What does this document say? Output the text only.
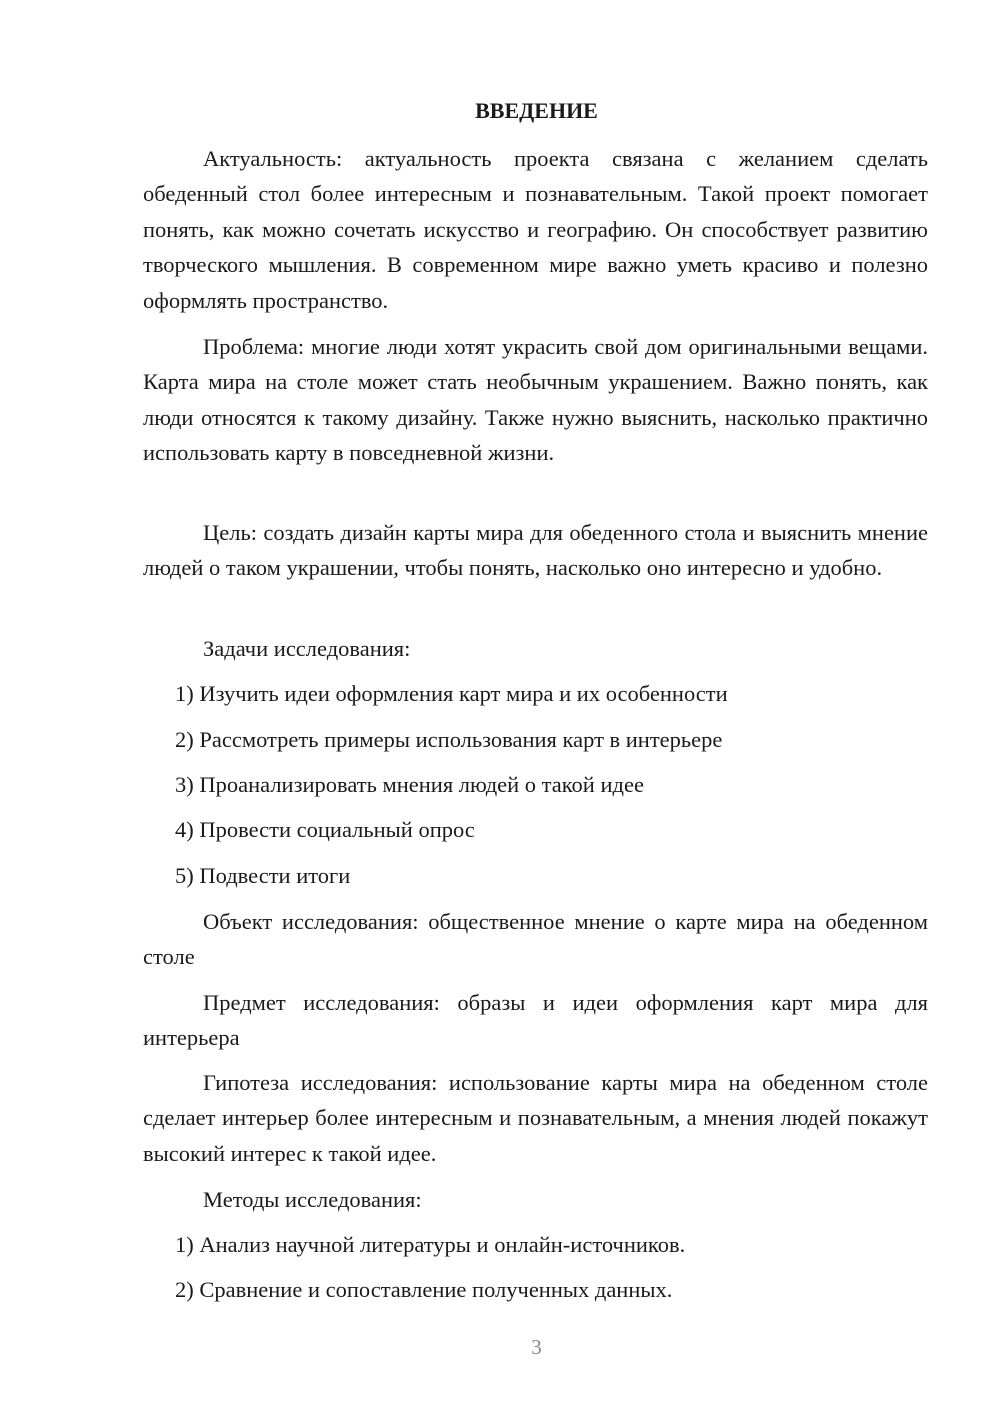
ВВЕДЕНИЕ

Актуальность: актуальность проекта связана с желанием сделать обеденный стол более интересным и познавательным. Такой проект помогает понять, как можно сочетать искусство и географию. Он способствует развитию творческого мышления. В современном мире важно уметь красиво и полезно оформлять пространство.

Проблема: многие люди хотят украсить свой дом оригинальными вещами. Карта мира на столе может стать необычным украшением. Важно понять, как люди относятся к такому дизайну. Также нужно выяснить, насколько практично использовать карту в повседневной жизни.

Цель: создать дизайн карты мира для обеденного стола и выяснить мнение людей о таком украшении, чтобы понять, насколько оно интересно и удобно.

Задачи исследования:

1) Изучить идеи оформления карт мира и их особенности
2) Рассмотреть примеры использования карт в интерьере
3) Проанализировать мнения людей о такой идее
4) Провести социальный опрос
5) Подвести итоги

Объект исследования: общественное мнение о карте мира на обеденном столе

Предмет исследования: образы и идеи оформления карт мира для интерьера

Гипотеза исследования: использование карты мира на обеденном столе сделает интерьер более интересным и познавательным, а мнения людей покажут высокий интерес к такой идее.

Методы исследования:

1) Анализ научной литературы и онлайн-источников.
2) Сравнение и сопоставление полученных данных.
3
